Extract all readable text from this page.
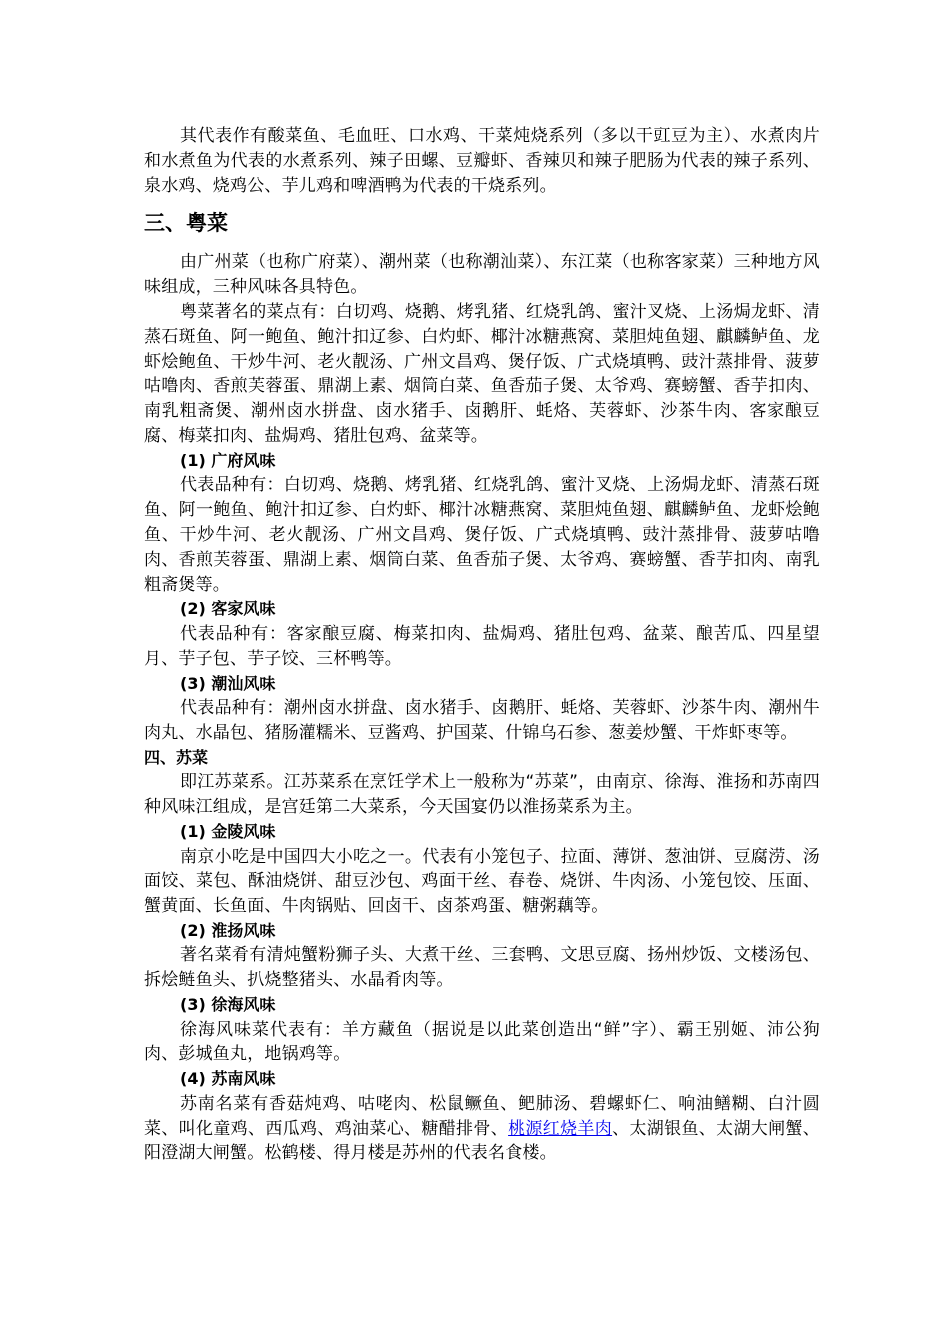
其代表作有酸菜鱼、毛血旺、口水鸡、干菜炖烧系列（多以干豇豆为主）、水煮肉片和水煮鱼为代表的水煮系列、辣子田螺、豆瓣虾、香辣贝和辣子肥肠为代表的辣子系列、泉水鸡、烧鸡公、芋儿鸡和啤酒鸭为代表的干烧系列。

三、粤菜

由广州菜（也称广府菜）、潮州菜（也称潮汕菜）、东江菜（也称客家菜）三种地方风味组成，三种风味各具特色。

粤菜著名的菜点有：白切鸡、烧鹅、烤乳猪、红烧乳鸽、蜜汁叉烧、上汤焗龙虾、清蒸石斑鱼、阿一鲍鱼、鲍汁扣辽参、白灼虾、椰汁冰糖燕窝、菜胆炖鱼翅、麒麟鲈鱼、龙虾烩鲍鱼、干炒牛河、老火靓汤、广州文昌鸡、煲仔饭、广式烧填鸭、豉汁蒸排骨、菠萝咕噜肉、香煎芙蓉蛋、鼎湖上素、烟筒白菜、鱼香茄子煲、太爷鸡、赛螃蟹、香芋扣肉、南乳粗斋煲、潮州卤水拼盘、卤水猪手、卤鹅肝、蚝烙、芙蓉虾、沙茶牛肉、客家酿豆腐、梅菜扣肉、盐焗鸡、猪肚包鸡、盆菜等。

(1) 广府风味

代表品种有：白切鸡、烧鹅、烤乳猪、红烧乳鸽、蜜汁叉烧、上汤焗龙虾、清蒸石斑鱼、阿一鲍鱼、鲍汁扣辽参、白灼虾、椰汁冰糖燕窝、菜胆炖鱼翅、麒麟鲈鱼、龙虾烩鲍鱼、干炒牛河、老火靓汤、广州文昌鸡、煲仔饭、广式烧填鸭、豉汁蒸排骨、菠萝咕噜肉、香煎芙蓉蛋、鼎湖上素、烟筒白菜、鱼香茄子煲、太爷鸡、赛螃蟹、香芋扣肉、南乳粗斋煲等。

(2) 客家风味

代表品种有：客家酿豆腐、梅菜扣肉、盐焗鸡、猪肚包鸡、盆菜、酿苦瓜、四星望月、芋子包、芋子饺、三杯鸭等。

(3) 潮汕风味

代表品种有：潮州卤水拼盘、卤水猪手、卤鹅肝、蚝烙、芙蓉虾、沙茶牛肉、潮州牛肉丸、水晶包、猪肠灌糯米、豆酱鸡、护国菜、什锦乌石参、葱姜炒蟹、干炸虾枣等。

四、苏菜

即江苏菜系。江苏菜系在烹饪学术上一般称为“苏菜”，由南京、徐海、淮扬和苏南四种风味江组成，是宫廷第二大菜系，今天国宴仍以淮扬菜系为主。

(1) 金陵风味

南京小吃是中国四大小吃之一。代表有小笼包子、拉面、薄饼、葱油饼、豆腐涝、汤面饺、菜包、酥油烧饼、甜豆沙包、鸡面干丝、春卷、烧饼、牛肉汤、小笼包饺、压面、蟹黄面、长鱼面、牛肉锅贴、回卤干、卤茶鸡蛋、糖粥藕等。

(2) 淮扬风味

著名菜肴有清炖蟹粉狮子头、大煮干丝、三套鸭、文思豆腐、扬州炒饭、文楼汤包、拆烩鲢鱼头、扒烧整猪头、水晶肴肉等。

(3) 徐海风味

徐海风味菜代表有：羊方藏鱼（据说是以此菜创造出“鲜”字）、霸王别姬、沛公狗肉、彭城鱼丸，地锅鸡等。

(4) 苏南风味

苏南名菜有香菇炖鸡、咕咾肉、松鼠鳜鱼、鲃肺汤、碧螺虾仁、响油鳝糊、白汁圆菜、叫化童鸡、西瓜鸡、鸡油菜心、糖醋排骨、桃源红烧羊肉、太湖银鱼、太湖大闸蟹、阳澄湖大闸蟹。松鹤楼、得月楼是苏州的代表名食楼。
